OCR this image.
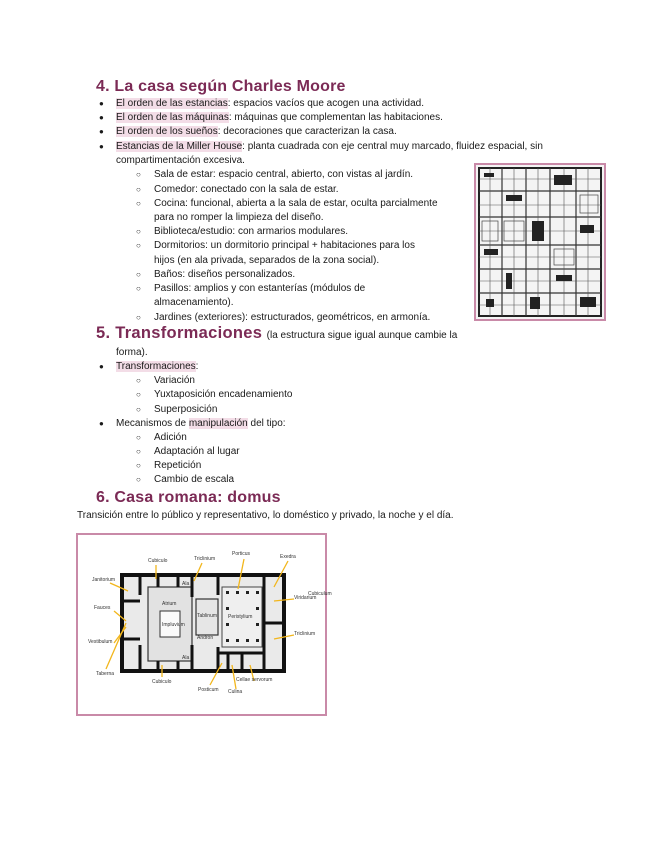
4. La casa según Charles Moore
● El orden de las estancias: espacios vacíos que acogen una actividad.
● El orden de las máquinas: máquinas que complementan las habitaciones.
● El orden de los sueños: decoraciones que caracterizan la casa.
● Estancias de la Miller House: planta cuadrada con eje central muy marcado, fluidez espacial, sin
compartimentación excesiva.
○ Sala de estar: espacio central, abierto, con vistas al jardín.
○ Comedor: conectado con la sala de estar.
○ Cocina: funcional, abierta a la sala de estar, oculta parcialmente
para no romper la limpieza del diseño.
○ Biblioteca/estudio: con armarios modulares.
○ Dormitorios: un dormitorio principal + habitaciones para los
hijos (en ala privada, separados de la zona social).
○ Baños: diseños personalizados.
○ Pasillos: amplios y con estanterías (módulos de
almacenamiento).
○ Jardines (exteriores): estructurados, geométricos, en armonía.
5. Transformaciones (la estructura sigue igual aunque cambie la
forma).
● Transformaciones:
○ Variación
○ Yuxtaposición encadenamiento
○ Superposición
● Mecanismos de manipulación del tipo:
○ Adición
○ Adaptación al lugar
○ Repetición
○ Cambio de escala
6. Casa romana: domus
Transición entre lo público y representativo, lo doméstico y privado, la noche y el día.
Cubiculo	Triclinium
Porticus	Exedra
Cubiculum
Janitorium
Vestibulum
Fauces
Ala
Atrium
Impluvium
Tablinum
Andron
Peristylium
Viridarium
Triclinium
Taberna
Ala
Cubiculo
Posticum
Cellae servorum
Culina
